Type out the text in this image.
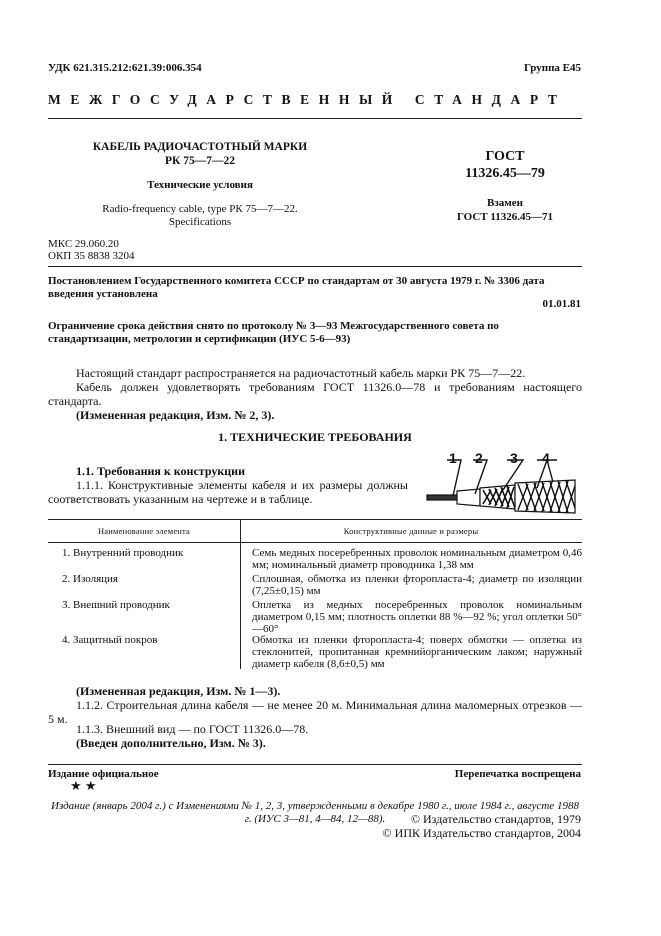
УДК 621.315.212:621.39:006.354	Группа Е45
МЕЖГОСУДАРСТВЕННЫЙ СТАНДАРТ
КАБЕЛЬ РАДИОЧАСТОТНЫЙ МАРКИ
РК 75—7—22
Технические условия
Radio-frequency cable, type РК 75—7—22.
Specifications
ГОСТ
11326.45—79
Взамен
ГОСТ 11326.45—71
МКС 29.060.20
ОКП 35 8838 3204
Постановлением Государственного комитета СССР по стандартам от 30 августа 1979 г. № 3306 дата введения установлена
01.01.81
Ограничение срока действия снято по протоколу № 3—93 Межгосударственного совета по стандартизации, метрологии и сертификации (ИУС 5-6—93)
Настоящий стандарт распространяется на радиочастотный кабель марки РК 75—7—22.
Кабель должен удовлетворять требованиям ГОСТ 11326.0—78 и требованиям настоящего стандарта.
(Измененная редакция, Изм. № 2, 3).
1. ТЕХНИЧЕСКИЕ ТРЕБОВАНИЯ
1.1. Требования к конструкции
1.1.1. Конструктивные элементы кабеля и их размеры должны соответствовать указанным на чертеже и в таблице.
1 2 3 4
Наименование элемента	Конструктивные данные и размеры
1. Внутренний проводник	Семь медных посеребренных проволок номинальным диаметром 0,46 мм; номинальный диаметр проводника 1,38 мм
2. Изоляция	Сплошная, обмотка из пленки фторопласта-4; диаметр по изоляции (7,25±0,15) мм
3. Внешний проводник	Оплетка из медных посеребренных проволок номинальным диаметром 0,15 мм; плотность оплетки 88 %—92 %; угол оплетки 50°—60°
4. Защитный покров	Обмотка из пленки фторопласта-4; поверх обмотки — оплетка из стеклонитей, пропитанная кремнийорганическим лаком; наружный диаметр кабеля (8,6±0,5) мм
(Измененная редакция, Изм. № 1—3).
1.1.2. Строительная длина кабеля — не менее 20 м. Минимальная длина маломерных отрезков — 5 м.
1.1.3. Внешний вид — по ГОСТ 11326.0—78.
(Введен дополнительно, Изм. № 3).
Издание официальное	Перепечатка воспрещена
★ ★
Издание (январь 2004 г.) с Изменениями № 1, 2, 3, утвержденными в декабре 1980 г., июле 1984 г., августе 1988 г. (ИУС 3—81, 4—84, 12—88).	© Издательство стандартов, 1979
© ИПК Издательство стандартов, 2004
